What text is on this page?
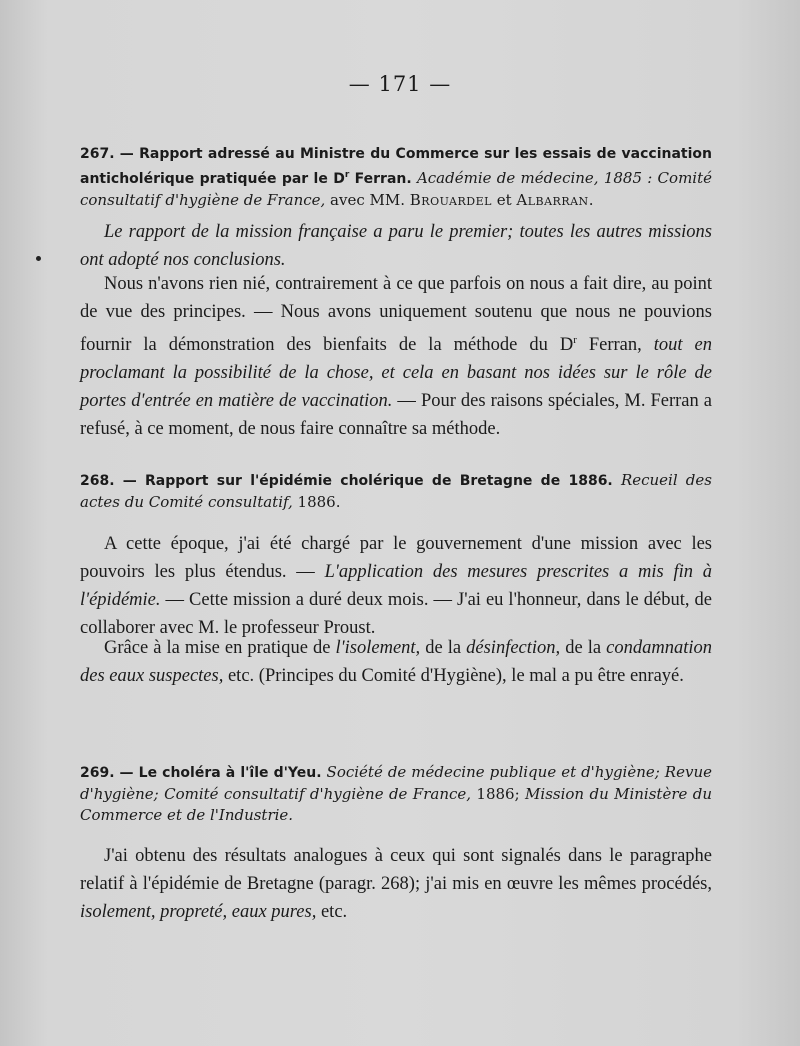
— 171 —
267. — Rapport adressé au Ministre du Commerce sur les essais de vaccination anticholérique pratiquée par le $D^r$ Ferran. Académie de médecine, 1885 : Comité consultatif d'hygiène de France, avec MM. Brouardel et Albarran.
Le rapport de la mission française a paru le premier; toutes les autres missions ont adopté nos conclusions.
Nous n'avons rien nié, contrairement à ce que parfois on nous a fait dire, au point de vue des principes. — Nous avons uniquement soutenu que nous ne pouvions fournir la démonstration des bienfaits de la méthode du $D^r$ Ferran, tout en proclamant la possibilité de la chose, et cela en basant nos idées sur le rôle de portes d'entrée en matière de vaccination. — Pour des raisons spéciales, M. Ferran a refusé, à ce moment, de nous faire connaître sa méthode.
268. — Rapport sur l'épidémie cholérique de Bretagne de 1886. Recueil des actes du Comité consultatif, 1886.
A cette époque, j'ai été chargé par le gouvernement d'une mission avec les pouvoirs les plus étendus. — L'application des mesures prescrites a mis fin à l'épidémie. — Cette mission a duré deux mois. — J'ai eu l'honneur, dans le début, de collaborer avec M. le professeur Proust.
Grâce à la mise en pratique de l'isolement, de la désinfection, de la condamnation des eaux suspectes, etc. (Principes du Comité d'Hygiène), le mal a pu être enrayé.
269. — Le choléra à l'île d'Yeu. Société de médecine publique et d'hygiène; Revue d'hygiène; Comité consultatif d'hygiène de France, 1886; Mission du Ministère du Commerce et de l'Industrie.
J'ai obtenu des résultats analogues à ceux qui sont signalés dans le paragraphe relatif à l'épidémie de Bretagne (paragr. 268); j'ai mis en œuvre les mêmes procédés, isolement, propreté, eaux pures, etc.
